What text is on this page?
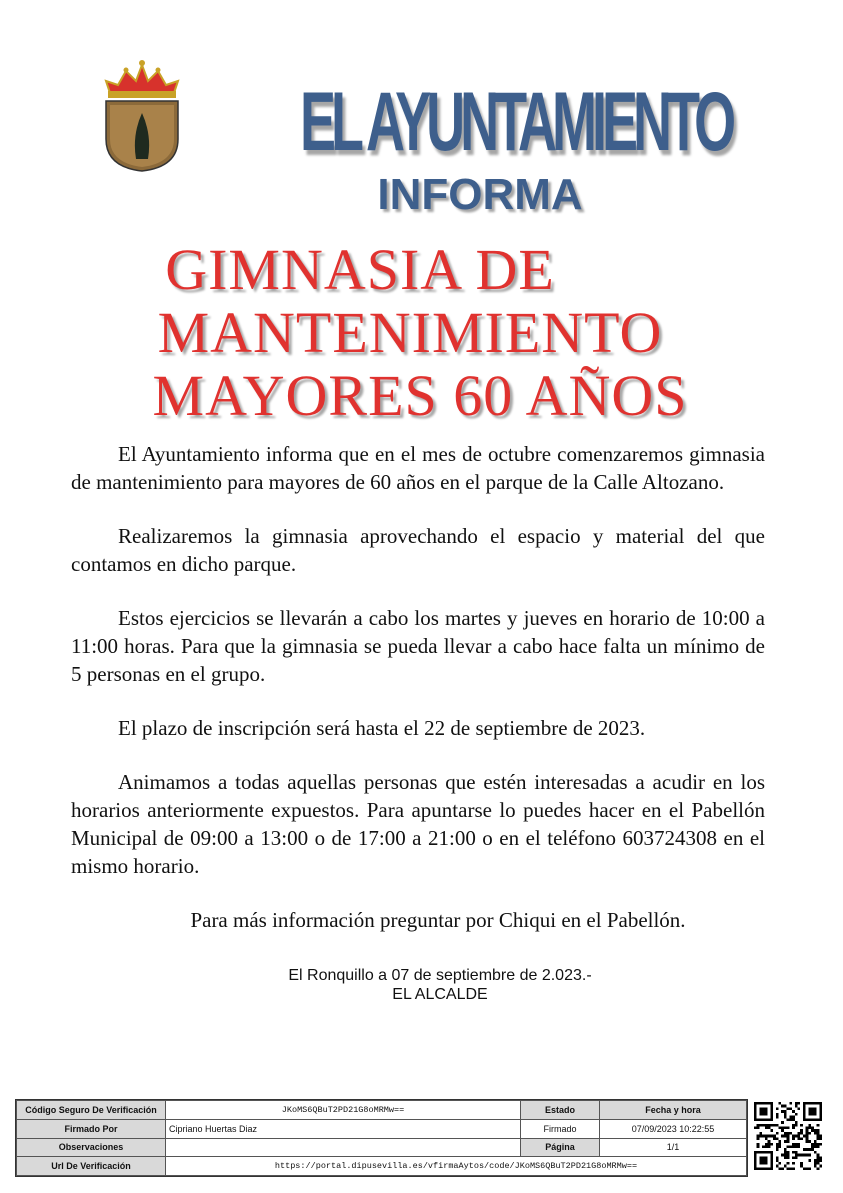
EL AYUNTAMIENTO
INFORMA
GIMNASIA DE
MANTENIMIENTO
MAYORES 60 AÑOS

El Ayuntamiento informa que en el mes de octubre comenzaremos gimnasia de mantenimiento para mayores de 60 años en el parque de la Calle Altozano.

Realizaremos la gimnasia aprovechando el espacio y material del que contamos en dicho parque.

Estos ejercicios se llevarán a cabo los martes y jueves en horario de 10:00 a 11:00 horas. Para que la gimnasia se pueda llevar a cabo hace falta un mínimo de 5 personas en el grupo.

El plazo de inscripción será hasta el 22 de septiembre de 2023.

Animamos a todas aquellas personas que estén interesadas a acudir en los horarios anteriormente expuestos. Para apuntarse lo puedes hacer en el Pabellón Municipal de 09:00 a 13:00 o de 17:00 a 21:00 o en el teléfono 603724308 en el mismo horario.

Para más información preguntar por Chiqui en el Pabellón.

El Ronquillo a 07 de septiembre de 2.023.-
EL ALCALDE
Código Seguro De Verificación	JKoMS6QBuT2PD21G8oMRMw==	Estado	Fecha y hora
Firmado Por	Cipriano Huertas Diaz	Firmado	07/09/2023 10:22:55
Observaciones		Página	1/1
Url De Verificación	https://portal.dipusevilla.es/vfirmaAytos/code/JKoMS6QBuT2PD21G8oMRMw==		
